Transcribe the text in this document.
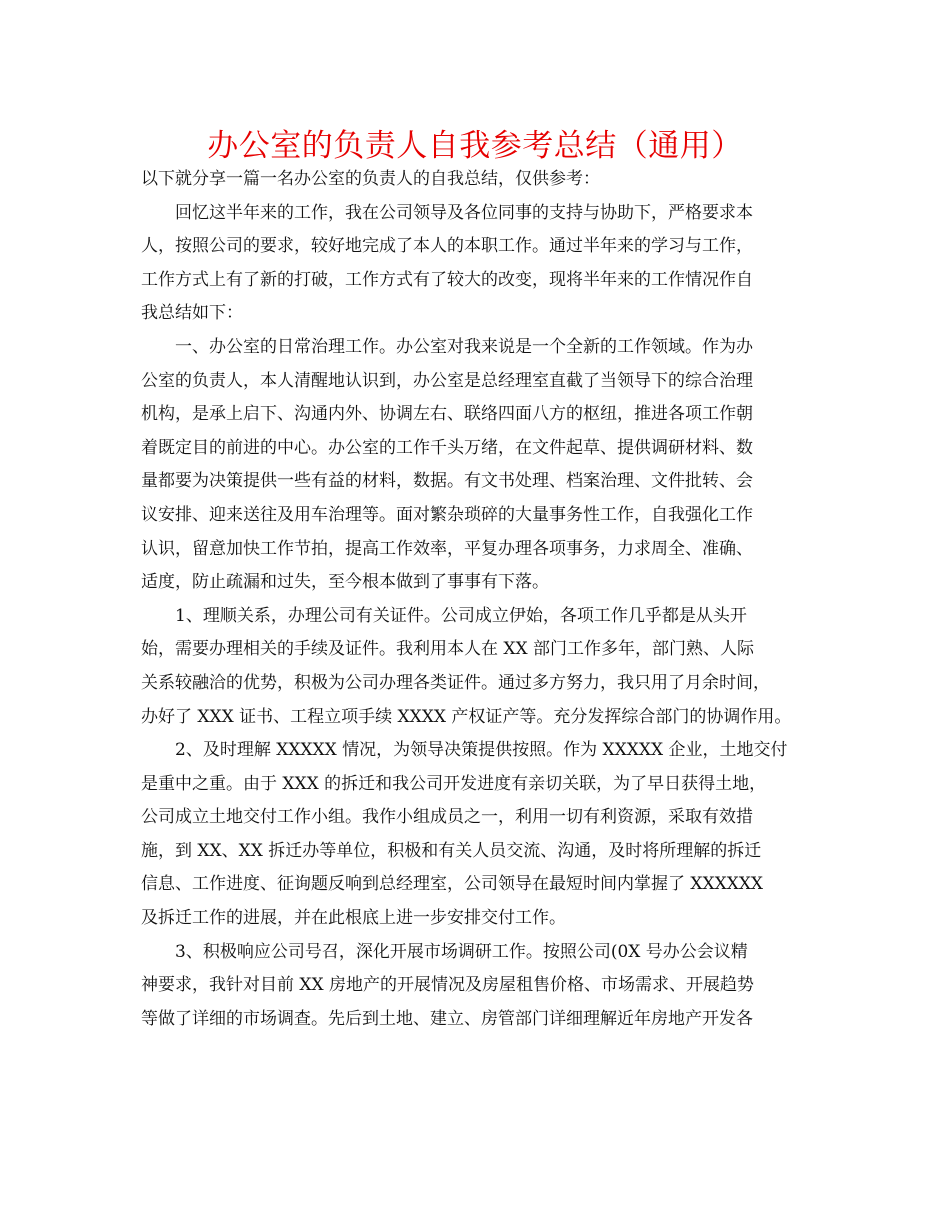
办公室的负责人自我参考总结（通用）

以下就分享一篇一名办公室的负责人的自我总结，仅供参考：

回忆这半年来的工作，我在公司领导及各位同事的支持与协助下，严格要求本
人，按照公司的要求，较好地完成了本人的本职工作。通过半年来的学习与工作，
工作方式上有了新的打破，工作方式有了较大的改变，现将半年来的工作情况作自
我总结如下：

一、办公室的日常治理工作。办公室对我来说是一个全新的工作领域。作为办
公室的负责人，本人清醒地认识到，办公室是总经理室直截了当领导下的综合治理
机构，是承上启下、沟通内外、协调左右、联络四面八方的枢纽，推进各项工作朝
着既定目的前进的中心。办公室的工作千头万绪，在文件起草、提供调研材料、数
量都要为决策提供一些有益的材料，数据。有文书处理、档案治理、文件批转、会
议安排、迎来送往及用车治理等。面对繁杂琐碎的大量事务性工作，自我强化工作
认识，留意加快工作节拍，提高工作效率，平复办理各项事务，力求周全、准确、
适度，防止疏漏和过失，至今根本做到了事事有下落。

1、理顺关系，办理公司有关证件。公司成立伊始，各项工作几乎都是从头开
始，需要办理相关的手续及证件。我利用本人在 XX 部门工作多年，部门熟、人际
关系较融洽的优势，积极为公司办理各类证件。通过多方努力，我只用了月余时间，
办好了 XXX 证书、工程立项手续 XXXX 产权证产等。充分发挥综合部门的协调作用。

2、及时理解 XXXXX 情况，为领导决策提供按照。作为 XXXXX 企业，土地交付
是重中之重。由于 XXX 的拆迁和我公司开发进度有亲切关联，为了早日获得土地，
公司成立土地交付工作小组。我作小组成员之一，利用一切有利资源，采取有效措
施，到 XX、XX 拆迁办等单位，积极和有关人员交流、沟通，及时将所理解的拆迁
信息、工作进度、征询题反响到总经理室，公司领导在最短时间内掌握了 XXXXXX
及拆迁工作的进展，并在此根底上进一步安排交付工作。

3、积极响应公司号召，深化开展市场调研工作。按照公司(0X 号办公会议精
神要求，我针对目前 XX 房地产的开展情况及房屋租售价格、市场需求、开展趋势
等做了详细的市场调查。先后到土地、建立、房管部门详细理解近年房地产开发各
